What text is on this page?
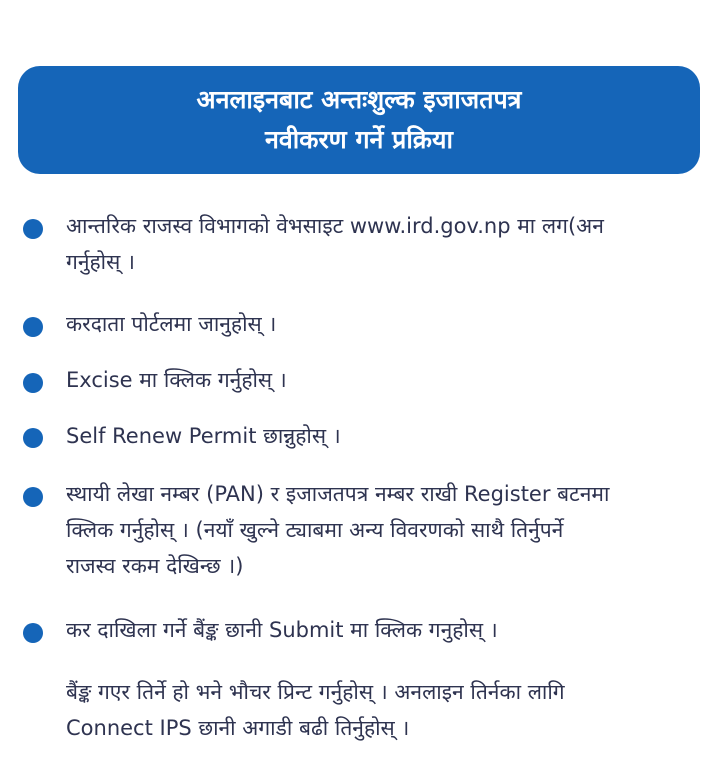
अनलाइनबाट अन्तःशुल्क इजाजतपत्र
नवीकरण गर्ने प्रक्रिया
आन्तरिक राजस्व विभागको वेभसाइट www.ird.gov.np मा लग(अन
गर्नुहोस् ।
करदाता पोर्टलमा जानुहोस् ।
Excise मा क्लिक गर्नुहोस् ।
Self Renew Permit छान्नुहोस् ।
स्थायी लेखा नम्बर (PAN) र इजाजतपत्र नम्बर राखी Register बटनमा
क्लिक गर्नुहोस् । (नयाँ खुल्ने ट्याबमा अन्य विवरणको साथै तिर्नुपर्ने
राजस्व रकम देखिन्छ ।)
कर दाखिला गर्ने बैंङ्क छानी Submit मा क्लिक गनुहोस् ।
बैंङ्क गएर तिर्ने हो भने भौचर प्रिन्ट गर्नुहोस् । अनलाइन तिर्नका लागि
Connect IPS छानी अगाडी बढी तिर्नुहोस् ।
